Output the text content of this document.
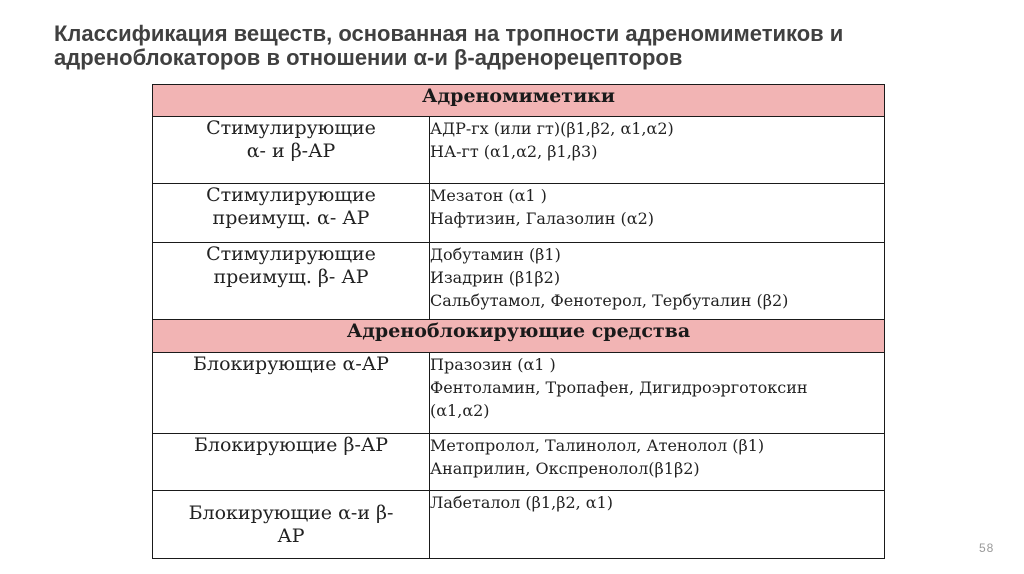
Классификация веществ, основанная на тропности адреномиметиков и
адреноблокаторов в отношении α-и β-адренорецепторов
Адреномиметики	

Стимулирующие
α- и β-АР	АДР-гх (или гт)(β1,β2, α1,α2)
НА-гт (α1,α2, β1,β3)

Стимулирующие
преимущ. α- АР	Мезатон (α1 )
Нафтизин, Галазолин (α2)

Стимулирующие
преимущ. β- АР	Добутамин (β1)
Изадрин (β1β2)
Сальбутамол, Фенотерол, Тербуталин (β2)

Адреноблокирующие средства	

Блокирующие α-АР	Празозин (α1 )
Фентоламин, Тропафен, Дигидроэрготоксин
(α1,α2)

Блокирующие β-АР	Метопролол, Талинолол, Атенолол (β1)
Анаприлин, Окспренолол(β1β2)

Блокирующие α-и β-
АР	Лабеталол (β1,β2, α1)
58
